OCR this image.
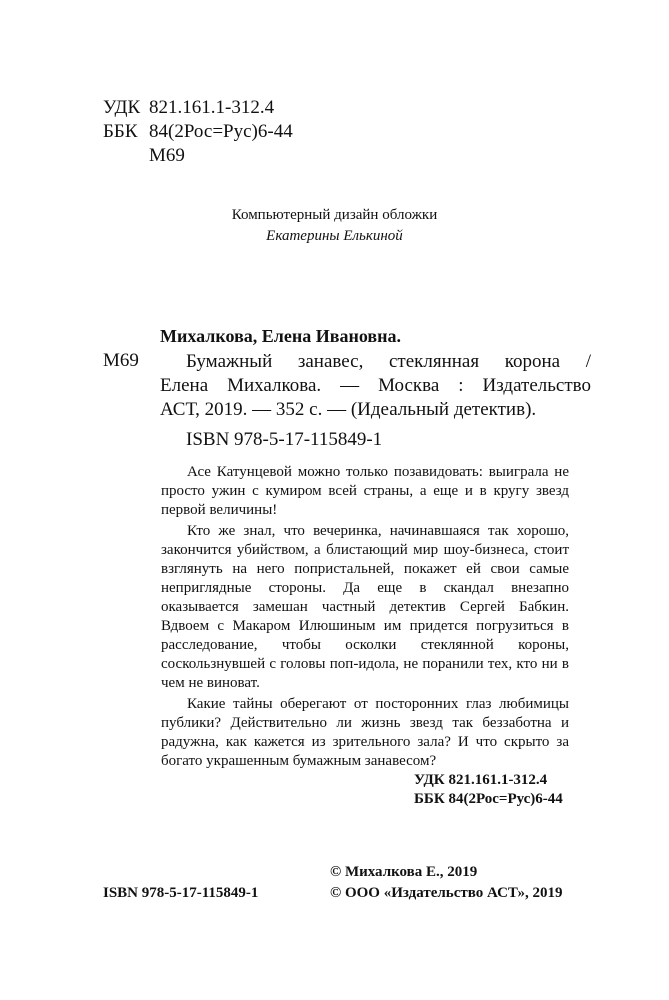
УДК 821.161.1-312.4
ББК 84(2Рос=Рус)6-44
М69
Компьютерный дизайн обложки
Екатерины Елькиной
Михалкова, Елена Ивановна.
М69 Бумажный занавес, стеклянная корона /
Елена Михалкова. — Москва : Издательство
АСТ, 2019. — 352 с. — (Идеальный детектив).
ISBN 978-5-17-115849-1

Асе Катунцевой можно только позавидовать: выиграла не просто ужин с кумиром всей страны, а еще и в кругу звезд первой величины!

Кто же знал, что вечеринка, начинавшаяся так хорошо, закончится убийством, а блистающий мир шоу-бизнеса, стоит взглянуть на него попристальней, покажет ей свои самые неприглядные стороны. Да еще в скандал внезапно оказывается замешан частный детектив Сергей Бабкин. Вдвоем с Макаром Илюшиным им придется погрузиться в расследование, чтобы осколки стеклянной короны, соскользнувшей с головы поп-идола, не поранили тех, кто ни в чем не виноват.

Какие тайны оберегают от посторонних глаз любимицы публики? Действительно ли жизнь звезд так беззаботна и радужна, как кажется из зрительного зала? И что скрыто за богато украшенным бумажным занавесом?

УДК 821.161.1-312.4
ББК 84(2Рос=Рус)6-44
ISBN 978-5-17-115849-1
© Михалкова Е., 2019
© ООО «Издательство АСТ», 2019
